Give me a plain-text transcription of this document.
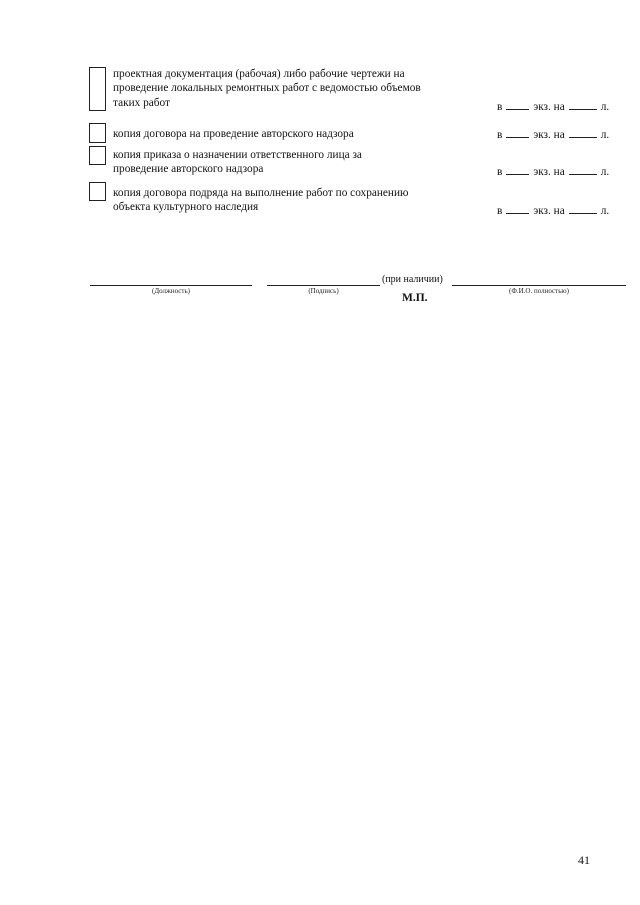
проектная документация (рабочая) либо рабочие чертежи на
проведение локальных ремонтных работ с ведомостью объемов
таких работ	в	экз. на	л.
копия договора на проведение авторского надзора	в	экз. на	л.
копия приказа о назначении ответственного лица за
проведение авторского надзора	в	экз. на	л.
копия договора подряда на выполнение работ по сохранению
объекта культурного наследия	в	экз. на	л.
(Должность)	(Подпись)
(при наличии)
М.П.
(Ф.И.О. полностью)
41
